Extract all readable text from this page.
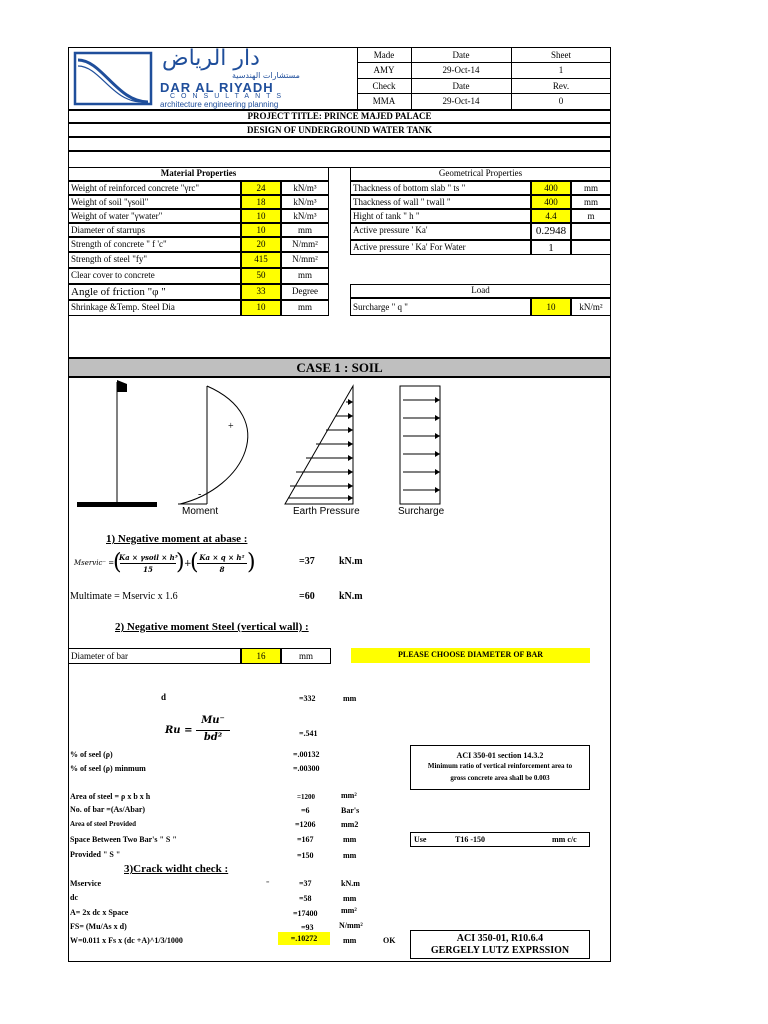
دار الرياض
مستشارات الهندسية
DAR AL RIYADH
CONSULTANTS
architecture engineering planning
Made	Date	Sheet
AMY	29-Oct-14	1
Check	Date	Rev.
MMA	29-Oct-14	0
PROJECT TITLE: PRINCE MAJED PALACE
DESIGN OF UNDERGROUND WATER TANK
Material Properties
Weight of reinforced concrete "γrc"	24	kN/m³
Weight of soil "γsoil"	18	kN/m³
Weight of water "γwater"	10	kN/m³
Diameter of starrups	10	mm
Strength of concrete " f 'c"	20	N/mm²
Strength of steel "fy"	415	N/mm²
Clear cover to concrete	50	mm
Angle of friction "φ "	33	Degree
Shrinkage &Temp. Steel Dia	10	mm
Geometrical Properties
Thackness of bottom slab " ts "	400	mm
Thackness of wall " twall "	400	mm
Hight of tank " h "	4.4	m
Active pressure ' Ka'	0.2948
Active pressure ' Ka' For Water	1
Load
Surcharge " q "	10	kN/m²
CASE 1 : SOIL
+
-
Moment	Earth Pressure	Surcharge
1) Negative moment at abase :
Mservic⁻ =
(
Ka × γsoil × h³
15	) +
( Ka × q × h²
8	)	=37 kN.m
Multimate = Mservic x 1.6	=60 kN.m
2) Negative moment Steel (vertical wall) :
Diameter of bar	16	mm	PLEASE CHOOSE DIAMETER OF BAR
d	=332	mm
Ru =
Mu⁻
bd²	=.541
% of seel (ρ)	=.00132
% of seel (ρ) minmum	=.00300
ACI 350-01 section 14.3.2
Minimum ratio of vertical reinforcement area to
gross concrete area shall be 0.003
Area of steel = ρ x b x h	=1200	mm²
No. of bar =(As/Abar)	=6	Bar's
Area of steel Provided	=1206	mm2
Space Between Two Bar's " S "	=167	mm	Use	T16 -150	mm c/c
Provided " S "	=150	mm
3)Crack widht check :
Mservice	=	=37	kN.m
dc	=58	mm
A= 2x dc x Space	=17400	mm²
FS= (Mu/As x d)	=93	N/mm²
W=0.011 x Fs x (dc +A)^1/3/1000	=.10272	mm	OK	ACI 350-01, R10.6.4
GERGELY LUTZ EXPRSSION
